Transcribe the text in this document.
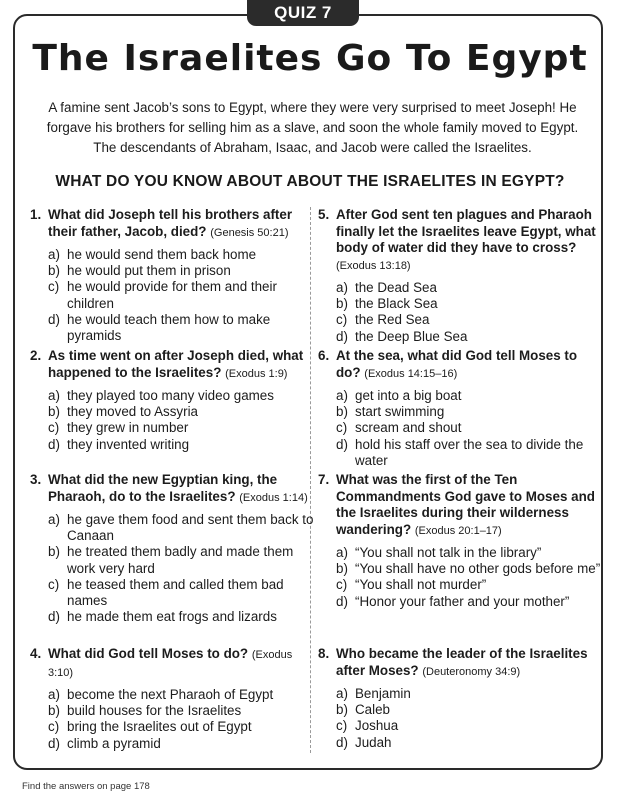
QUIZ 7
The Israelites Go To Egypt
A famine sent Jacob’s sons to Egypt, where they were very surprised to meet Joseph! He forgave his brothers for selling him as a slave, and soon the whole family moved to Egypt. The descendants of Abraham, Isaac, and Jacob were called the Israelites.
WHAT DO YOU KNOW ABOUT ABOUT THE ISRAELITES IN EGYPT?
1. What did Joseph tell his brothers after their father, Jacob, died? (Genesis 50:21)
a) he would send them back home
b) he would put them in prison
c) he would provide for them and their children
d) he would teach them how to make pyramids
2. As time went on after Joseph died, what happened to the Israelites? (Exodus 1:9)
a) they played too many video games
b) they moved to Assyria
c) they grew in number
d) they invented writing
3. What did the new Egyptian king, the Pharaoh, do to the Israelites? (Exodus 1:14)
a) he gave them food and sent them back to Canaan
b) he treated them badly and made them work very hard
c) he teased them and called them bad names
d) he made them eat frogs and lizards
4. What did God tell Moses to do? (Exodus 3:10)
a) become the next Pharaoh of Egypt
b) build houses for the Israelites
c) bring the Israelites out of Egypt
d) climb a pyramid
5. After God sent ten plagues and Pharaoh finally let the Israelites leave Egypt, what body of water did they have to cross? (Exodus 13:18)
a) the Dead Sea
b) the Black Sea
c) the Red Sea
d) the Deep Blue Sea
6. At the sea, what did God tell Moses to do? (Exodus 14:15–16)
a) get into a big boat
b) start swimming
c) scream and shout
d) hold his staff over the sea to divide the water
7. What was the first of the Ten Commandments God gave to Moses and the Israelites during their wilderness wandering? (Exodus 20:1–17)
a) “You shall not talk in the library”
b) “You shall have no other gods before me”
c) “You shall not murder”
d) “Honor your father and your mother”
8. Who became the leader of the Israelites after Moses? (Deuteronomy 34:9)
a) Benjamin
b) Caleb
c) Joshua
d) Judah
Find the answers on page 178
